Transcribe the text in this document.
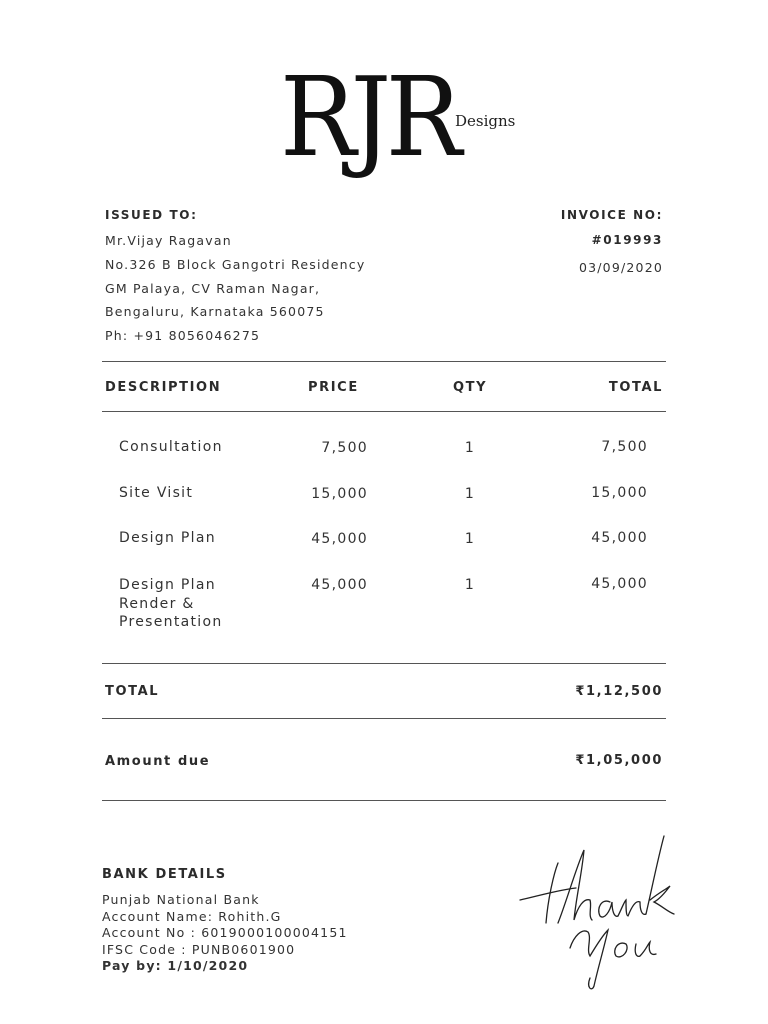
RJR
Designs
ISSUED TO:
Mr.Vijay Ragavan
No.326 B Block Gangotri Residency
GM Palaya, CV Raman Nagar,
Bengaluru, Karnataka 560075
Ph: +91 8056046275
INVOICE NO:
#019993
03/09/2020
DESCRIPTION	PRICE	QTY	TOTAL
Consultation	7,500	1	7,500
Site Visit	15,000	1	15,000
Design Plan	45,000	1	45,000
Design Plan
Render &
Presentation
45,000	1	45,000
TOTAL	₹1,12,500
Amount due	₹1,05,000
BANK DETAILS
Punjab National Bank
Account Name: Rohith.G
Account No : 6019000100004151
IFSC Code : PUNB0601900
Pay by: 1/10/2020
